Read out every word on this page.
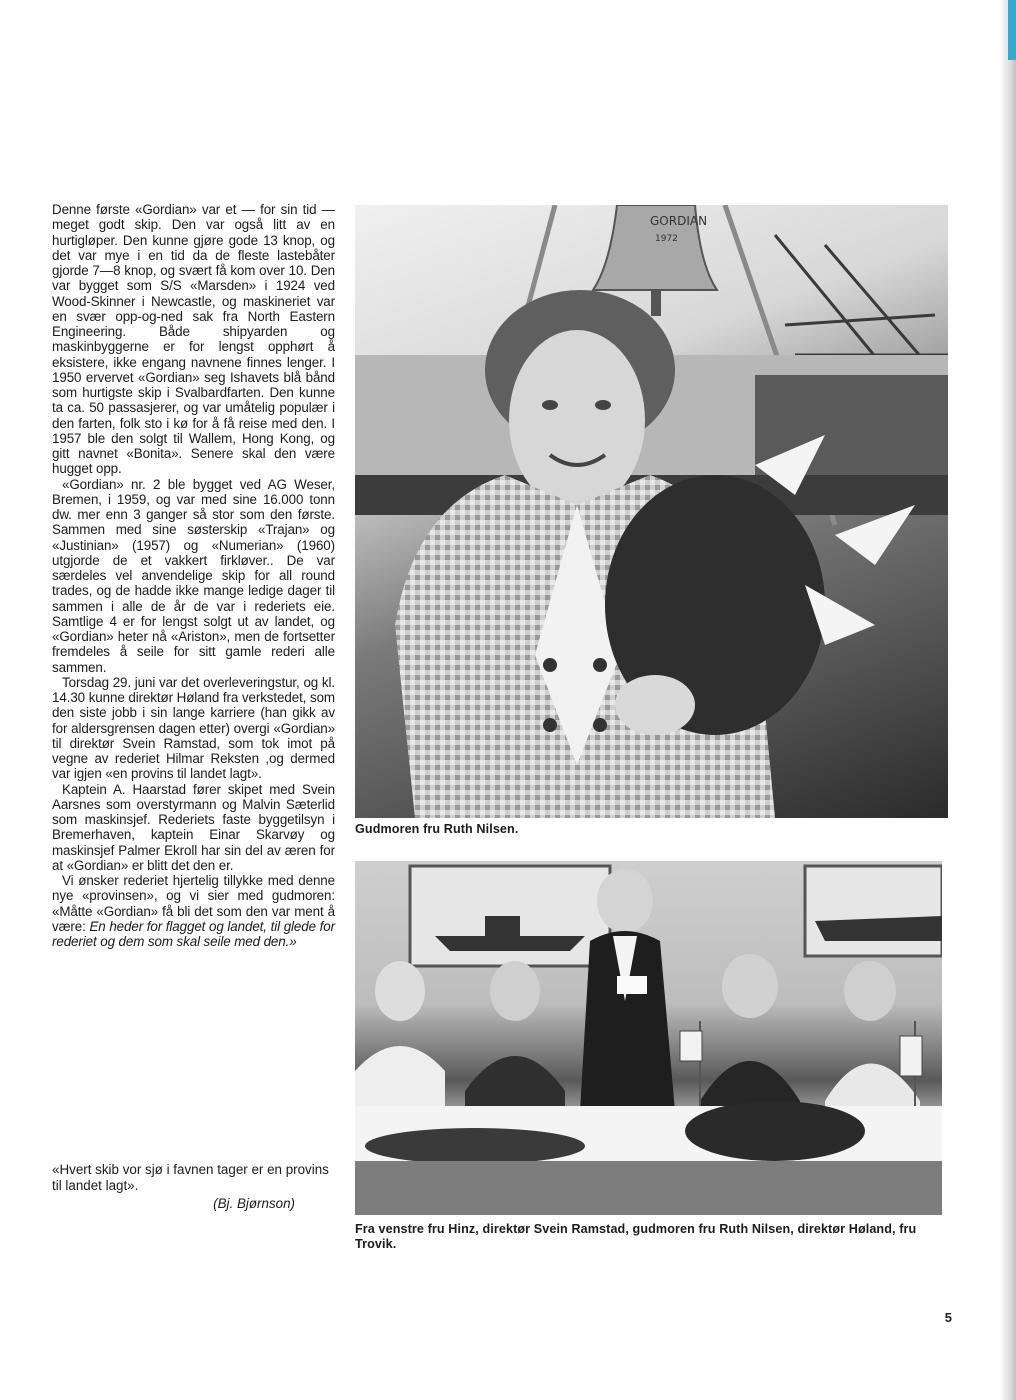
Denne første «Gordian» var et — for sin tid — meget godt skip. Den var også litt av en hurtigløper. Den kunne gjøre gode 13 knop, og det var mye i en tid da de fleste lastebåter gjorde 7—8 knop, og svært få kom over 10. Den var bygget som S/S «Marsden» i 1924 ved Wood-Skinner i Newcastle, og maskineriet var en svær opp-og-ned sak fra North Eastern Engineering. Både shipyarden og maskinbyggerne er for lengst opphørt å eksistere, ikke engang navnene finnes lenger. I 1950 ervervet «Gordian» seg Ishavets blå bånd som hurtigste skip i Svalbardfarten. Den kunne ta ca. 50 passasjerer, og var umåtelig populær i den farten, folk sto i kø for å få reise med den. I 1957 ble den solgt til Wallem, Hong Kong, og gitt navnet «Bonita». Senere skal den være hugget opp.

«Gordian» nr. 2 ble bygget ved AG Weser, Bremen, i 1959, og var med sine 16.000 tonn dw. mer enn 3 ganger så stor som den første. Sammen med sine søsterskip «Trajan» og «Justinian» (1957) og «Numerian» (1960) utgjorde de et vakkert firkløver.. De var særdeles vel anvendelige skip for all round trades, og de hadde ikke mange ledige dager til sammen i alle de år de var i rederiets eie. Samtlige 4 er for lengst solgt ut av landet, og «Gordian» heter nå «Ariston», men de fortsetter fremdeles å seile for sitt gamle rederi alle sammen.

Torsdag 29. juni var det overleveringstur, og kl. 14.30 kunne direktør Høland fra verkstedet, som den siste jobb i sin lange karriere (han gikk av for aldersgrensen dagen etter) overgi «Gordian» til direktør Svein Ramstad, som tok imot på vegne av rederiet Hilmar Reksten ,og dermed var igjen «en provins til landet lagt».

Kaptein A. Haarstad fører skipet med Svein Aarsnes som overstyrmann og Malvin Sæterlid som maskinsjef. Rederiets faste byggetilsyn i Bremerhaven, kaptein Einar Skarvøy og maskinsjef Palmer Ekroll har sin del av æren for at «Gordian» er blitt det den er.

Vi ønsker rederiet hjertelig tillykke med denne nye «provinsen», og vi sier med gudmoren: «Måtte «Gordian» få bli det som den var ment å være: En heder for flagget og landet, til glede for rederiet og dem som skal seile med den.»

«Hvert skib vor sjø i favnen tager er en provins til landet lagt».

(Bj. Bjørnson)

GORDIAN
1972
Gudmoren fru Ruth Nilsen.
Fra venstre fru Hinz, direktør Svein Ramstad, gudmoren fru Ruth Nilsen, direktør Høland, fru Trovik.
5
